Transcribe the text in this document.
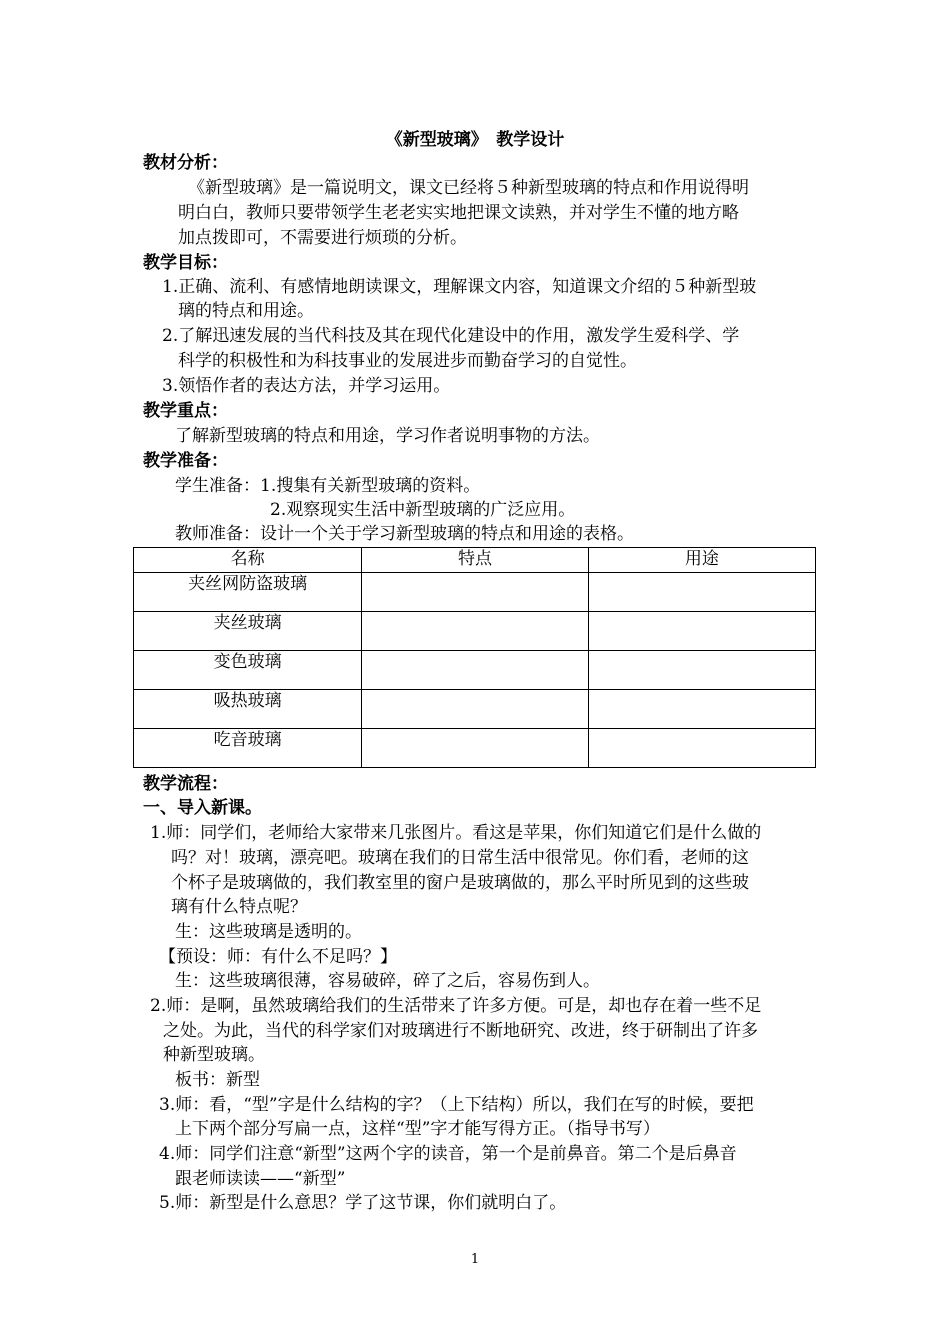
《新型玻璃》　教学设计
教材分析：
《新型玻璃》是一篇说明文，课文已经将５种新型玻璃的特点和作用说得明
明白白，教师只要带领学生老老实实地把课文读熟，并对学生不懂的地方略
加点拨即可，不需要进行烦琐的分析。
教学目标：
1.正确、流利、有感情地朗读课文，理解课文内容，知道课文介绍的５种新型玻
璃的特点和用途。
2.了解迅速发展的当代科技及其在现代化建设中的作用，激发学生爱科学、学
科学的积极性和为科技事业的发展进步而勤奋学习的自觉性。
3.领悟作者的表达方法，并学习运用。
教学重点：
了解新型玻璃的特点和用途，学习作者说明事物的方法。
教学准备：
学生准备：1.搜集有关新型玻璃的资料。
2.观察现实生活中新型玻璃的广泛应用。
教师准备：设计一个关于学习新型玻璃的特点和用途的表格。
名称	特点	用途
夹丝网防盗玻璃		
夹丝玻璃		
变色玻璃		
吸热玻璃		
吃音玻璃		
教学流程：
一、导入新课。
1.师：同学们，老师给大家带来几张图片。看这是苹果，你们知道它们是什么做的
吗？对！玻璃，漂亮吧。玻璃在我们的日常生活中很常见。你们看，老师的这
个杯子是玻璃做的，我们教室里的窗户是玻璃做的，那么平时所见到的这些玻
璃有什么特点呢？
生：这些玻璃是透明的。
【预设：师：有什么不足吗？】
生：这些玻璃很薄，容易破碎，碎了之后，容易伤到人。
2.师：是啊，虽然玻璃给我们的生活带来了许多方便。可是，却也存在着一些不足
之处。为此，当代的科学家们对玻璃进行不断地研究、改进，终于研制出了许多
种新型玻璃。
板书：新型
3.师：看，“型”字是什么结构的字？（上下结构）所以，我们在写的时候，要把
上下两个部分写扁一点，这样“型”字才能写得方正。（指导书写）
4.师：同学们注意“新型”这两个字的读音，第一个是前鼻音。第二个是后鼻音
跟老师读读——“新型”
5.师：新型是什么意思？学了这节课，你们就明白了。
1
